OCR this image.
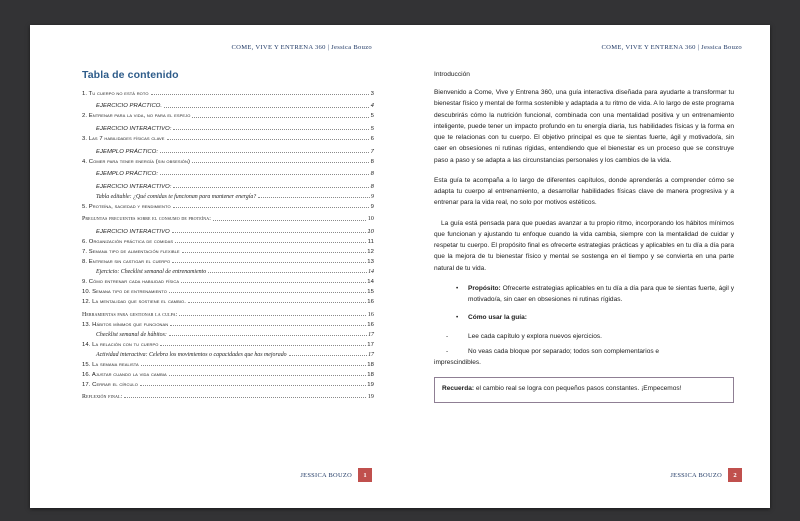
COME, VIVE Y ENTRENA 360 | Jessica Bouzo
Tabla de contenido
1. Tu cuerpo no está roto	3
EJERCICIO PRÁCTICO.	4
2. Entrenar para la vida, no para el espejo	5
EJERCICIO INTERACTIVO:	5
3. Las 7 habilidades físicas clave	6
EJEMPLO PRÁCTICO:	7
4. Comer para tener energía (sin obsesión)	8
EJEMPLO PRÁCTICO:	8
EJERCICIO INTERACTIVO:	8
Tabla editable: ¿Qué comidas te funcionan para mantener energía?	9
5. Proteína, saciedad y rendimiento	9
Preguntas frecuentes sobre el consumo de proteína:	10
EJERCICIO INTERACTIVO	10
6. Organización práctica de comidas	11
7. Semana tipo de alimentación flexible	12
8. Entrenar sin castigar el cuerpo	13
Ejercicio: Checklist semanal de entrenamiento	14
9. Cómo entrenar cada habilidad física	14
10. Semana tipo de entrenamiento	15
12. La mentalidad que sostiene el cambio.	16
Herramientas para gestionar la culpa:	16
13. Hábitos mínimos que funcionan	16
Checklist semanal de hábitos:	17
14. La relación con tu cuerpo	17
Actividad interactiva: Celebra los movimientos o capacidades que has mejorado	17
15. La semana realista	18
16. Ajustar cuando la vida cambia	18
17. Cerrar el círculo	19
Reflexión final:	19
JESSICA BOUZO	1
COME, VIVE Y ENTRENA 360 | Jessica Bouzo
Introducción

Bienvenido a Come, Vive y Entrena 360, una guía interactiva diseñada para ayudarte a transformar tu bienestar físico y mental de forma sostenible y adaptada a tu ritmo de vida. A lo largo de este programa descubrirás cómo la nutrición funcional, combinada con una mentalidad positiva y un entrenamiento inteligente, puede tener un impacto profundo en tu energía diaria, tus habilidades físicas y la forma en que te relacionas con tu cuerpo. El objetivo principal es que te sientas fuerte, ágil y motivado/a, sin caer en obsesiones ni rutinas rígidas, entendiendo que el bienestar es un proceso que se construye paso a paso y se adapta a las circunstancias personales y los cambios de la vida.

Esta guía te acompaña a lo largo de diferentes capítulos, donde aprenderás a comprender cómo se adapta tu cuerpo al entrenamiento, a desarrollar habilidades físicas clave de manera progresiva y a entrenar para la vida real, no solo por motivos estéticos.

La guía está pensada para que puedas avanzar a tu propio ritmo, incorporando los hábitos mínimos que funcionan y ajustando tu enfoque cuando la vida cambia, siempre con la mentalidad de cuidar y respetar tu cuerpo. El propósito final es ofrecerte estrategias prácticas y aplicables en tu día a día para que la mejora de tu bienestar físico y mental se sostenga en el tiempo y se convierta en una parte natural de tu vida.

•	Propósito: Ofrecerte estrategias aplicables en tu día a día para que te sientas fuerte, ágil y motivado/a, sin caer en obsesiones ni rutinas rígidas.
•	Cómo usar la guía:
-	Lee cada capítulo y explora nuevos ejercicios.
-	No veas cada bloque por separado; todos son complementarios e
imprescindibles.

Recuerda: el cambio real se logra con pequeños pasos constantes. ¡Empecemos!

JESSICA BOUZO	2
